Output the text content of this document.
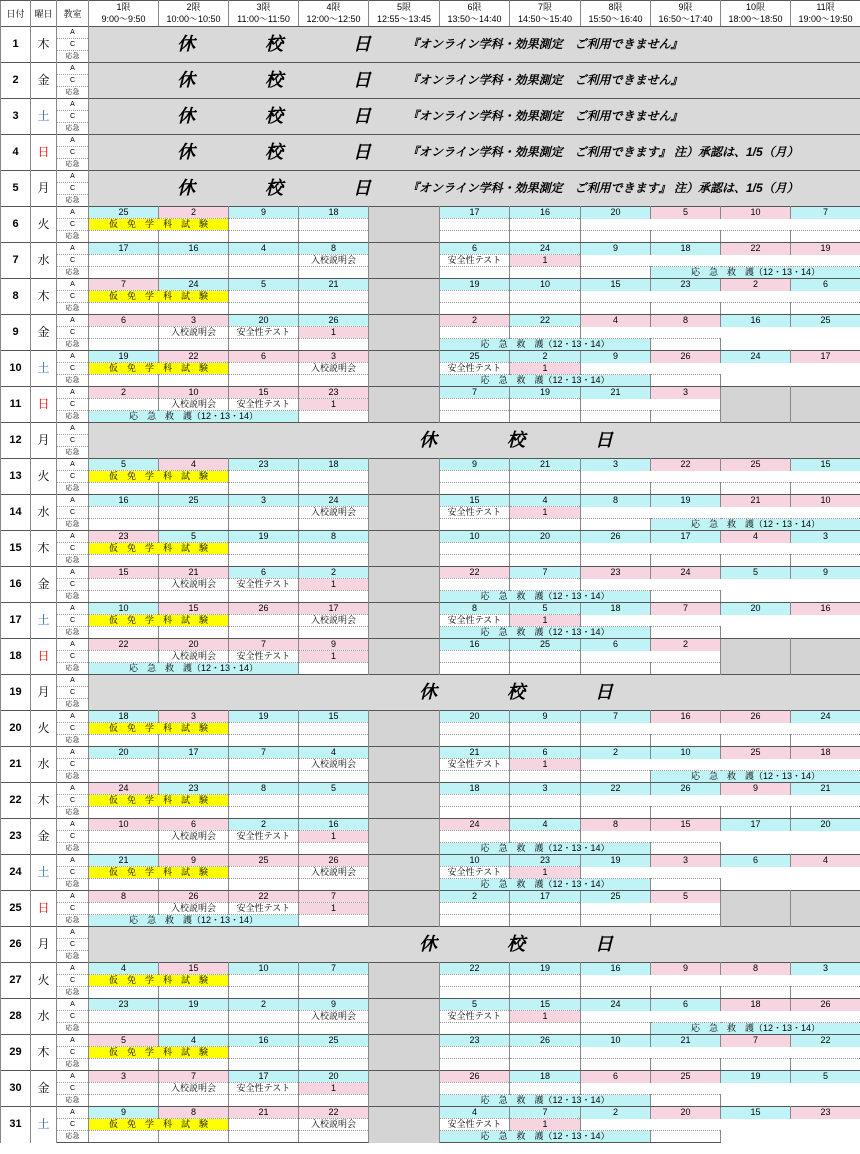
日付	曜日	教室	1限	2限	3限	4限	5限	6限	7限	8限	9限	10限	11限
			9:00～9:50	10:00～10:50	11:00～11:50	12:00～12:50	12:55～13:45	13:50～14:40	14:50～15:40	15:50～16:40	16:50～17:40	18:00～18:50	19:00～19:50
1	木	A	休　校　日 『オンライン学科・効果測定　ご利用できません』										

		C											
		応急											
2	金	A	休　校　日 『オンライン学科・効果測定　ご利用できません』										

		C											
		応急											
3	土	A	休　校　日 『オンライン学科・効果測定　ご利用できません』										

		C											
		応急											
4	日	A	休　校　日 『オンライン学科・効果測定　ご利用できます』 注）承認は、1/5（月）										

		C											
		応急											
5	月	A	休　校　日 『オンライン学科・効果測定　ご利用できます』 注）承認は、1/5（月）										

		C											
		応急											
6	火	A	25	2	9	18		17	16	20	5	10	7
		C	仮　免　学　科　試　験										
		応急											
7	水	A	17	16	4	8		6	24	9	18	22	19
		C				入校説明会		安全性テスト	1				
		応急									応　急　救　護（12・13・14）		
8	木	A	7	24	5	21		19	10	15	23	2	6
		C	仮　免　学　科　試　験										
		応急											
9	金	A	6	3	20	26		2	22	4	8	16	25
		C		入校説明会	安全性テスト	1							
		応急						応　急　救　護（12・13・14）					
10	土	A	19	22	6	3		25	2	9	26	24	17
		C	仮　免　学　科　試　験			入校説明会		安全性テスト	1				
		応急						応　急　救　護（12・13・14）					
11	日	A	2	10	15	23		7	19	21	3		
		C		入校説明会	安全性テスト	1							
		応急	応　急　救　護（12・13・14）										
12	月	A	休　校　日										

		C											
		応急											
13	火	A	5	4	23	18		9	21	3	22	25	15
		C	仮　免　学　科　試　験										
		応急											
14	水	A	16	25	3	24		15	4	8	19	21	10
		C				入校説明会		安全性テスト	1				
		応急									応　急　救　護（12・13・14）		
15	木	A	23	5	19	8		10	20	26	17	4	3
		C	仮　免　学　科　試　験										
		応急											
16	金	A	15	21	6	2		22	7	23	24	5	9
		C		入校説明会	安全性テスト	1							
		応急						応　急　救　護（12・13・14）					
17	土	A	10	15	26	17		8	5	18	7	20	16
		C	仮　免　学　科　試　験			入校説明会		安全性テスト	1				
		応急						応　急　救　護（12・13・14）					
18	日	A	22	20	7	9		16	25	6	2		
		C		入校説明会	安全性テスト	1							
		応急	応　急　救　護（12・13・14）										
19	月	A	休　校　日										

		C											
		応急											
20	火	A	18	3	19	15		20	9	7	16	26	24
		C	仮　免　学　科　試　験										
		応急											
21	水	A	20	17	7	4		21	6	2	10	25	18
		C				入校説明会		安全性テスト	1				
		応急									応　急　救　護（12・13・14）		
22	木	A	24	23	8	5		18	3	22	26	9	21
		C	仮　免　学　科　試　験										
		応急											
23	金	A	10	6	2	16		24	4	8	15	17	20
		C		入校説明会	安全性テスト	1							
		応急						応　急　救　護（12・13・14）					
24	土	A	21	9	25	26		10	23	19	3	6	4
		C	仮　免　学　科　試　験			入校説明会		安全性テスト	1				
		応急						応　急　救　護（12・13・14）					
25	日	A	8	26	22	7		2	17	25	5		
		C		入校説明会	安全性テスト	1							
		応急	応　急　救　護（12・13・14）										
26	月	A	休　校　日										

		C											
		応急											
27	火	A	4	15	10	7		22	19	16	9	8	3
		C	仮　免　学　科　試　験										
		応急											
28	水	A	23	19	2	9		5	15	24	6	18	26
		C				入校説明会		安全性テスト	1				
		応急									応　急　救　護（12・13・14）		
29	木	A	5	4	16	25		23	26	10	21	7	22
		C	仮　免　学　科　試　験										
		応急											
30	金	A	3	7	17	20		26	18	6	25	19	5
		C		入校説明会	安全性テスト	1							
		応急						応　急　救　護（12・13・14）					
31	土	A	9	8	21	22		4	7	2	20	15	23
		C	仮　免　学　科　試　験			入校説明会		安全性テスト	1				
		応急						応　急　救　護（12・13・14）					
